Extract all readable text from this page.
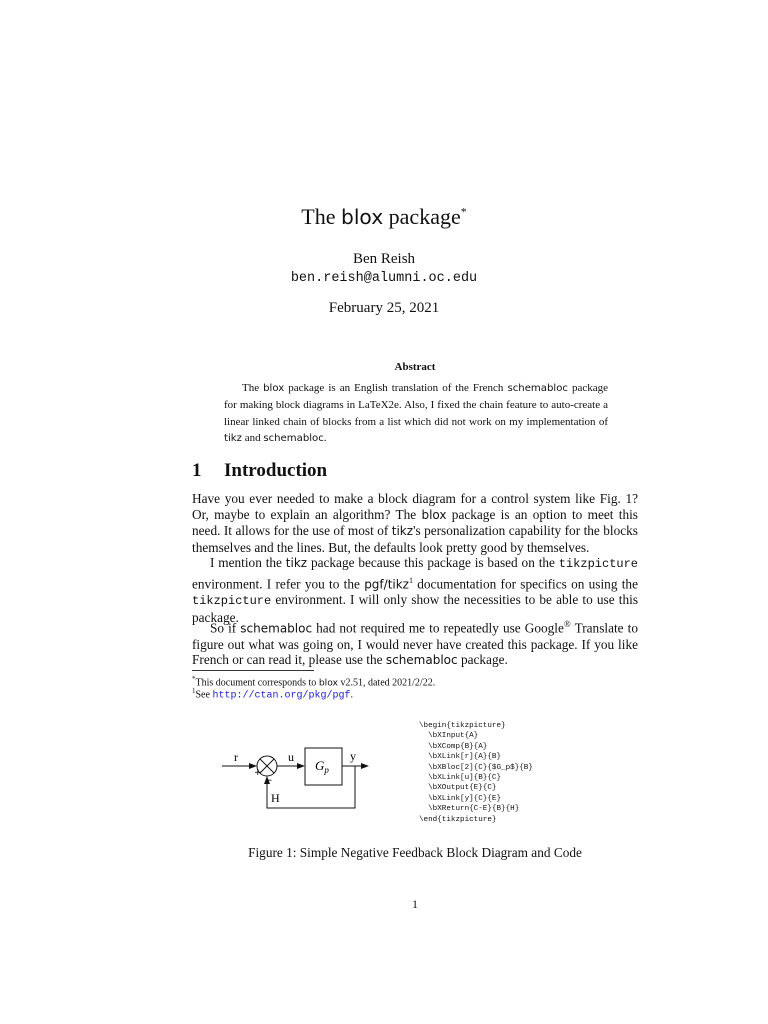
The blox package*
Ben Reish
ben.reish@alumni.oc.edu
February 25, 2021
Abstract
The blox package is an English translation of the French schemabloc package for making block diagrams in LaTeX2e. Also, I fixed the chain feature to auto-create a linear linked chain of blocks from a list which did not work on my implementation of tikz and schemabloc.
1 Introduction
Have you ever needed to make a block diagram for a control system like Fig. 1? Or, maybe to explain an algorithm? The blox package is an option to meet this need. It allows for the use of most of tikz's personalization capability for the blocks themselves and the lines. But, the defaults look pretty good by themselves.
I mention the tikz package because this package is based on the tikzpicture environment. I refer you to the pgf/tikz$^1$ documentation for specifics on using the tikzpicture environment. I will only show the necessities to be able to use this package.
So if schemabloc had not required me to repeatedly use Google® Translate to figure out what was going on, I would never have created this package. If you like French or can read it, please use the schemabloc package.
*This document corresponds to blox v2.51, dated 2021/2/22.
$^1$See http://ctan.org/pkg/pgf.
r
+
−
u
$G_p$
y
H
\begin{tikzpicture}
\bXInput{A}
\bXComp{B}{A}
\bXLink[r]{A}{B}
\bXBloc[2]{C}{$G_p$}{B}
\bXLink[u]{B}{C}
\bXOutput{E}{C}
\bXLink[y]{C}{E}
\bXReturn{C-E}{B}{H}
\end{tikzpicture}
Figure 1: Simple Negative Feedback Block Diagram and Code
1
